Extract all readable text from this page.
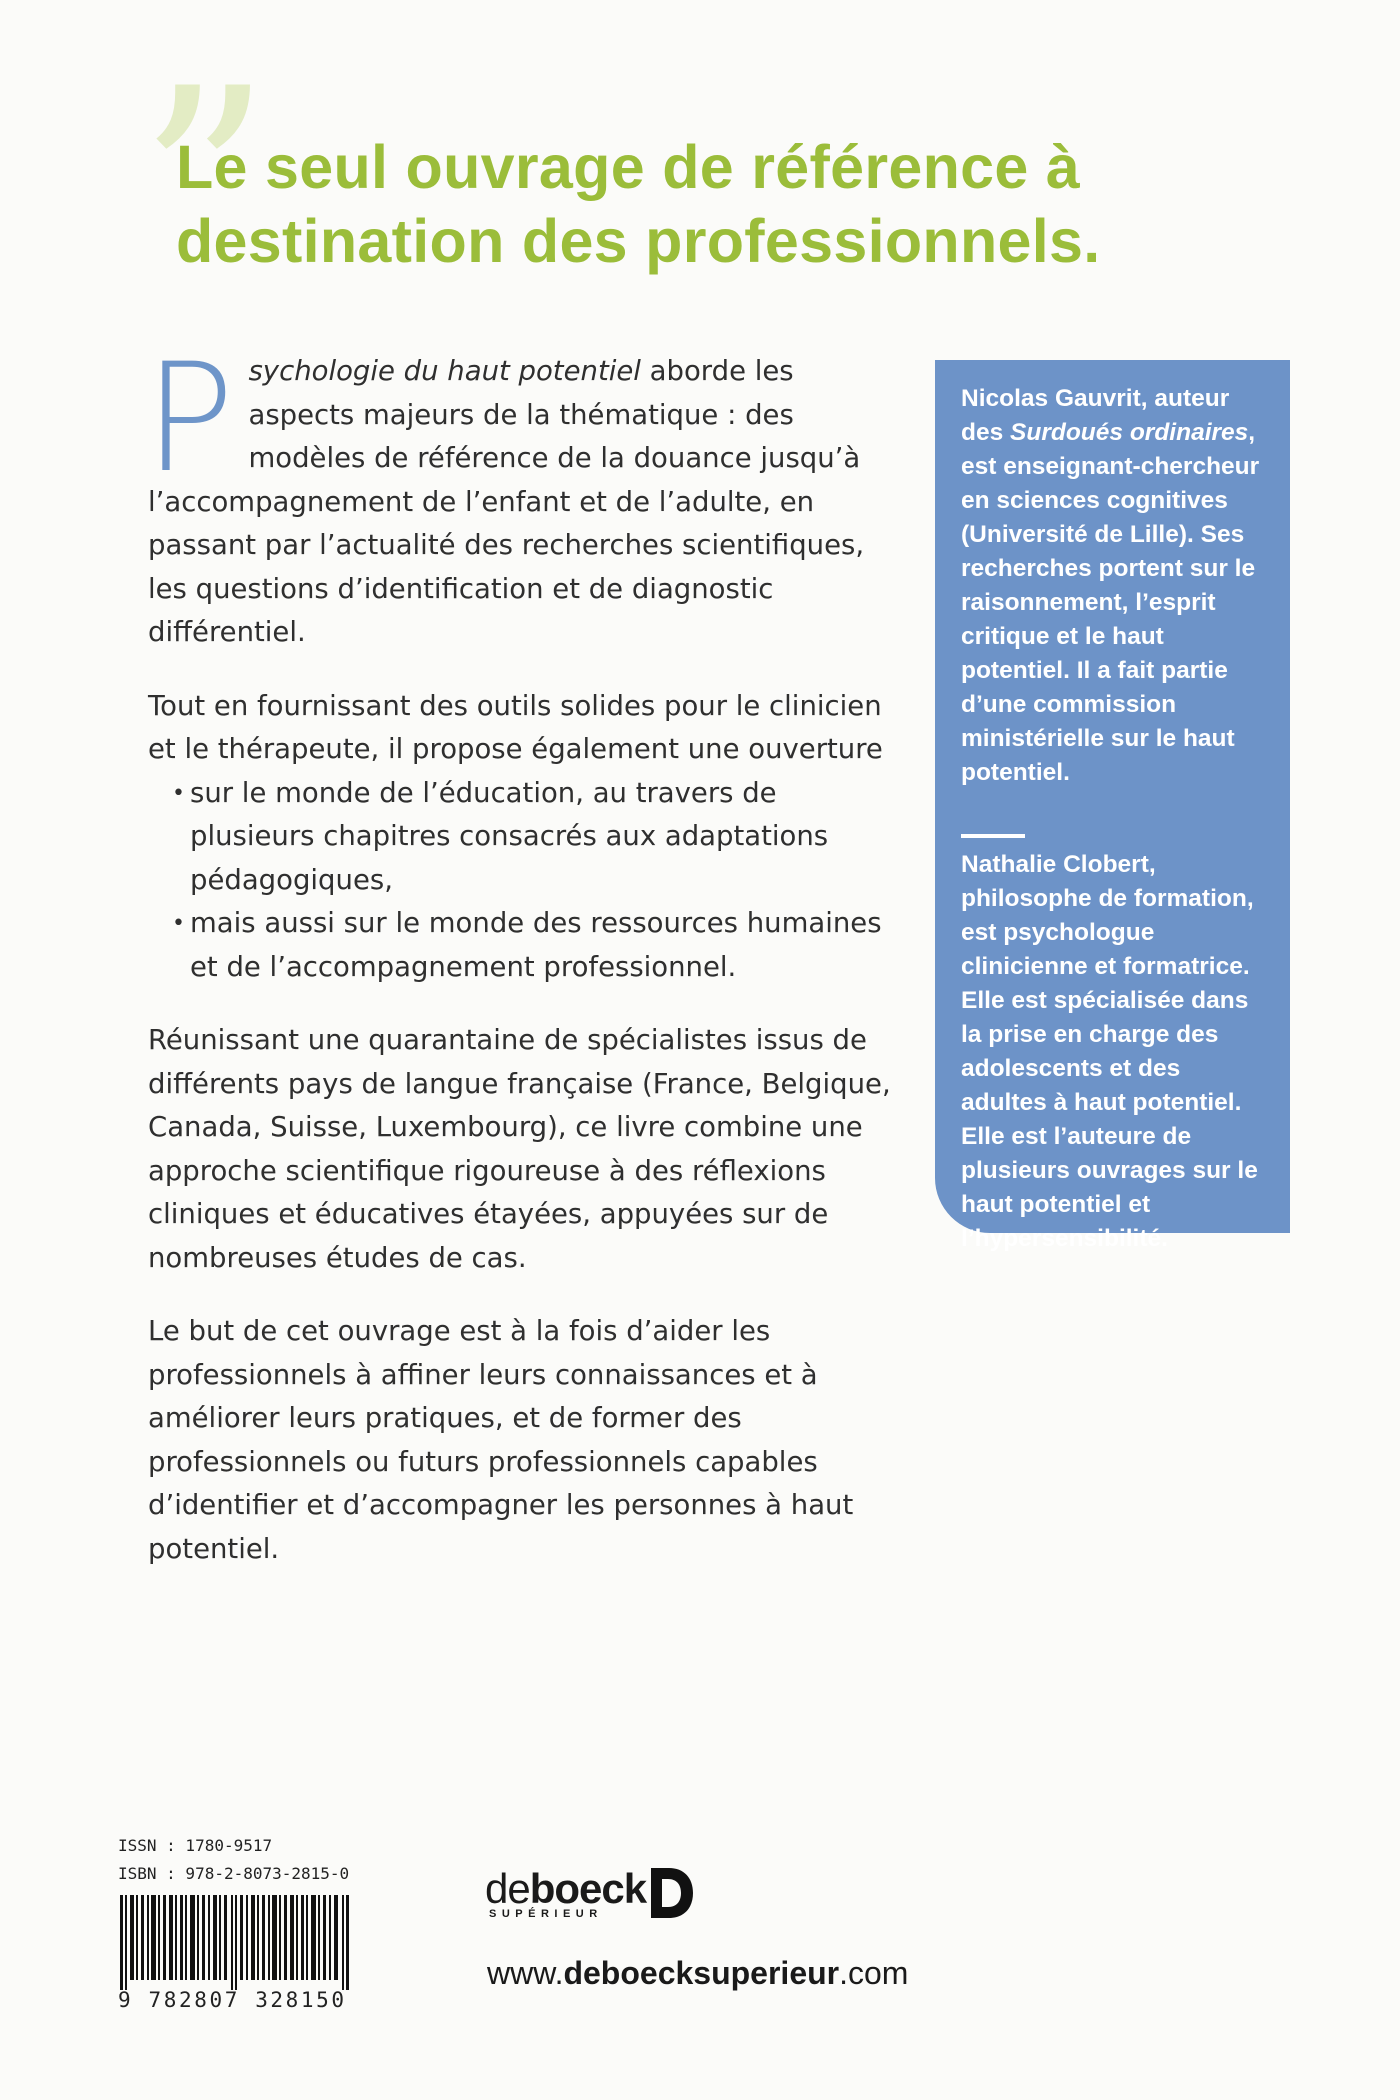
”
Le seul ouvrage de référence à destination des professionnels.

Psychologie du haut potentiel aborde les aspects majeurs de la thématique : des modèles de référence de la douance jusqu’à l’accompagnement de l’enfant et de l’adulte, en passant par l’actualité des recherches scientifiques, les questions d’identification et de diagnostic différentiel.

Tout en fournissant des outils solides pour le clinicien et le thérapeute, il propose également une ouverture

• sur le monde de l’éducation, au travers de plusieurs chapitres consacrés aux adaptations pédagogiques,
• mais aussi sur le monde des ressources humaines et de l’accompagnement professionnel.

Réunissant une quarantaine de spécialistes issus de différents pays de langue française (France, Belgique, Canada, Suisse, Luxembourg), ce livre combine une approche scientifique rigoureuse à des réflexions cliniques et éducatives étayées, appuyées sur de nombreuses études de cas.

Le but de cet ouvrage est à la fois d’aider les professionnels à affiner leurs connaissances et à améliorer leurs pratiques, et de former des professionnels ou futurs professionnels capables d’identifier et d’accompagner les personnes à haut potentiel.

Nicolas Gauvrit, auteur des Surdoués ordinaires, est enseignant-chercheur en sciences cognitives (Université de Lille). Ses recherches portent sur le raisonnement, l’esprit critique et le haut potentiel. Il a fait partie d’une commission ministérielle sur le haut potentiel.

Nathalie Clobert, philosophe de formation, est psychologue clinicienne et formatrice. Elle est spécialisée dans la prise en charge des adolescents et des adultes à haut potentiel. Elle est l’auteure de plusieurs ouvrages sur le haut potentiel et l’hypersensibilité.

ISSN : 1780-9517
ISBN : 978-2-8073-2815-0
9 782807 328150
deboeck
SUPÉRIEUR
www.deboecksuperieur.com
